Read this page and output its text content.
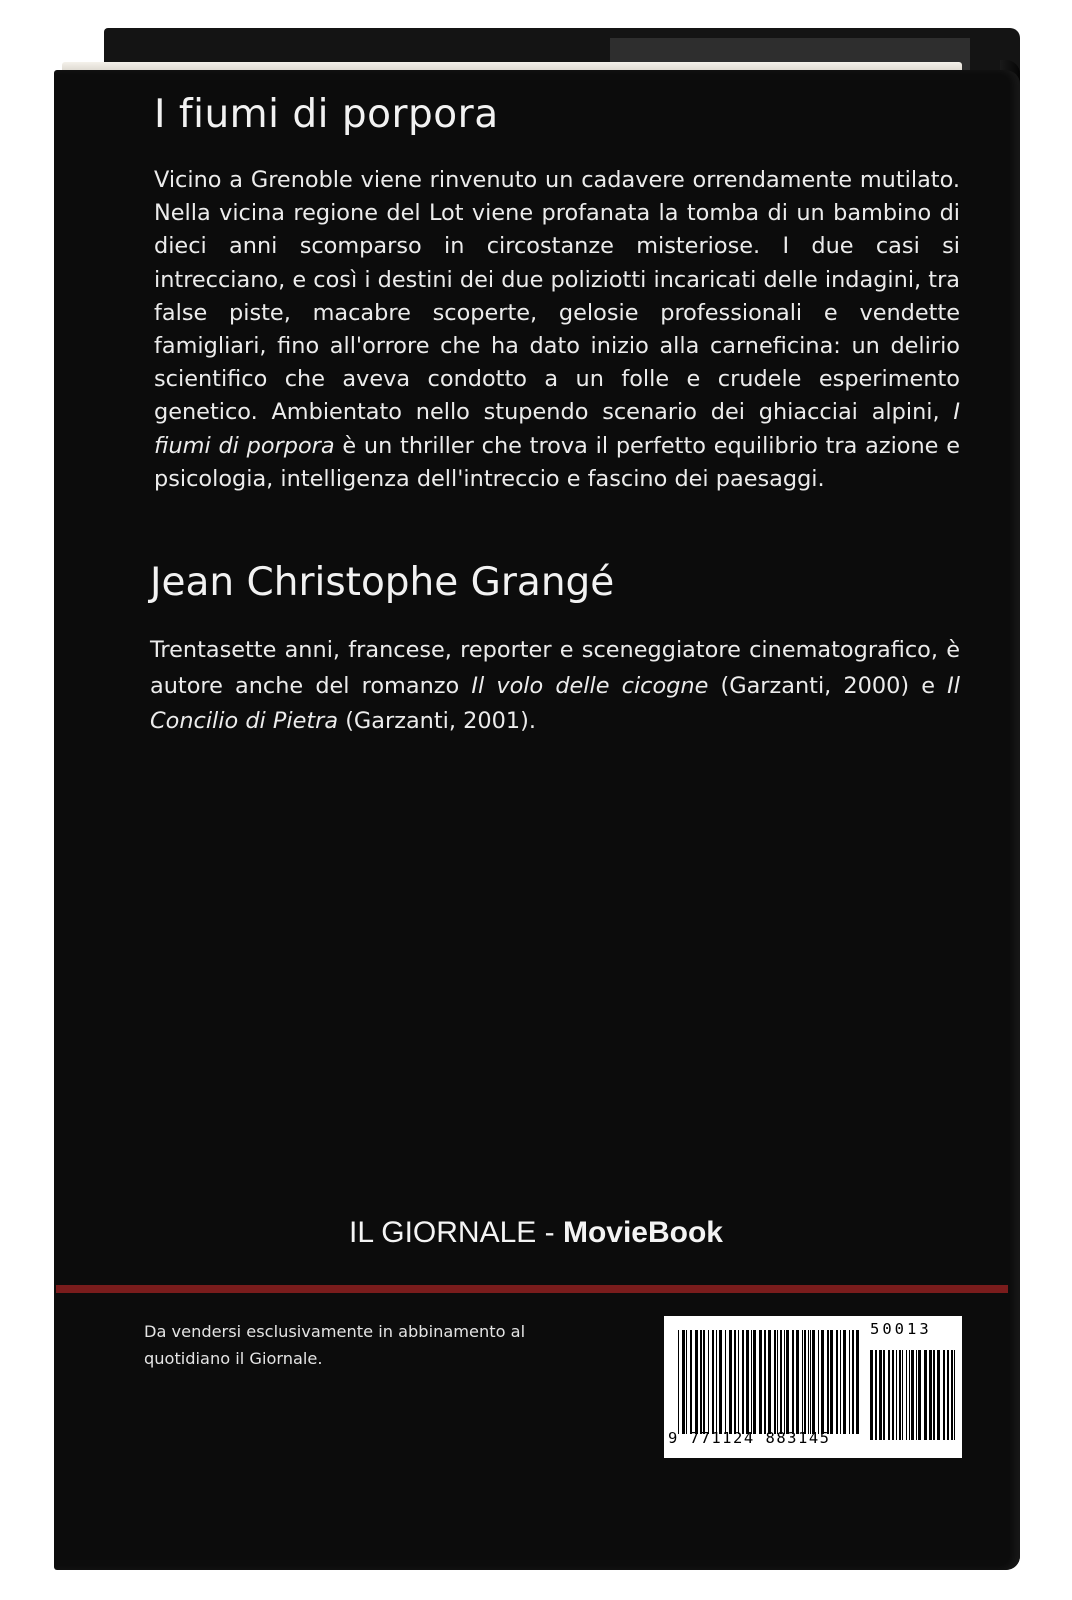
I fiumi di porpora

Vicino a Grenoble viene rinvenuto un cadavere orrendamente mutilato. Nella vicina regione del Lot viene profanata la tomba di un bambino di dieci anni scomparso in circostanze misteriose. I due casi si intrecciano, e così i destini dei due poliziotti incaricati delle indagini, tra false piste, macabre scoperte, gelosie professionali e vendette famigliari, fino all'orrore che ha dato inizio alla carneficina: un delirio scientifico che aveva condotto a un folle e crudele esperimento genetico. Ambientato nello stupendo scenario dei ghiacciai alpini, I fiumi di porpora è un thriller che trova il perfetto equilibrio tra azione e psicologia, intelligenza dell'intreccio e fascino dei paesaggi.

Jean Christophe Grangé

Trentasette anni, francese, reporter e sceneggiatore cinematografico, è autore anche del romanzo Il volo delle cicogne (Garzanti, 2000) e Il Concilio di Pietra (Garzanti, 2001).

IL GIORNALE - MovieBook

Da vendersi esclusivamente in abbinamento al quotidiano il Giornale.

9 771124 883145
50013
